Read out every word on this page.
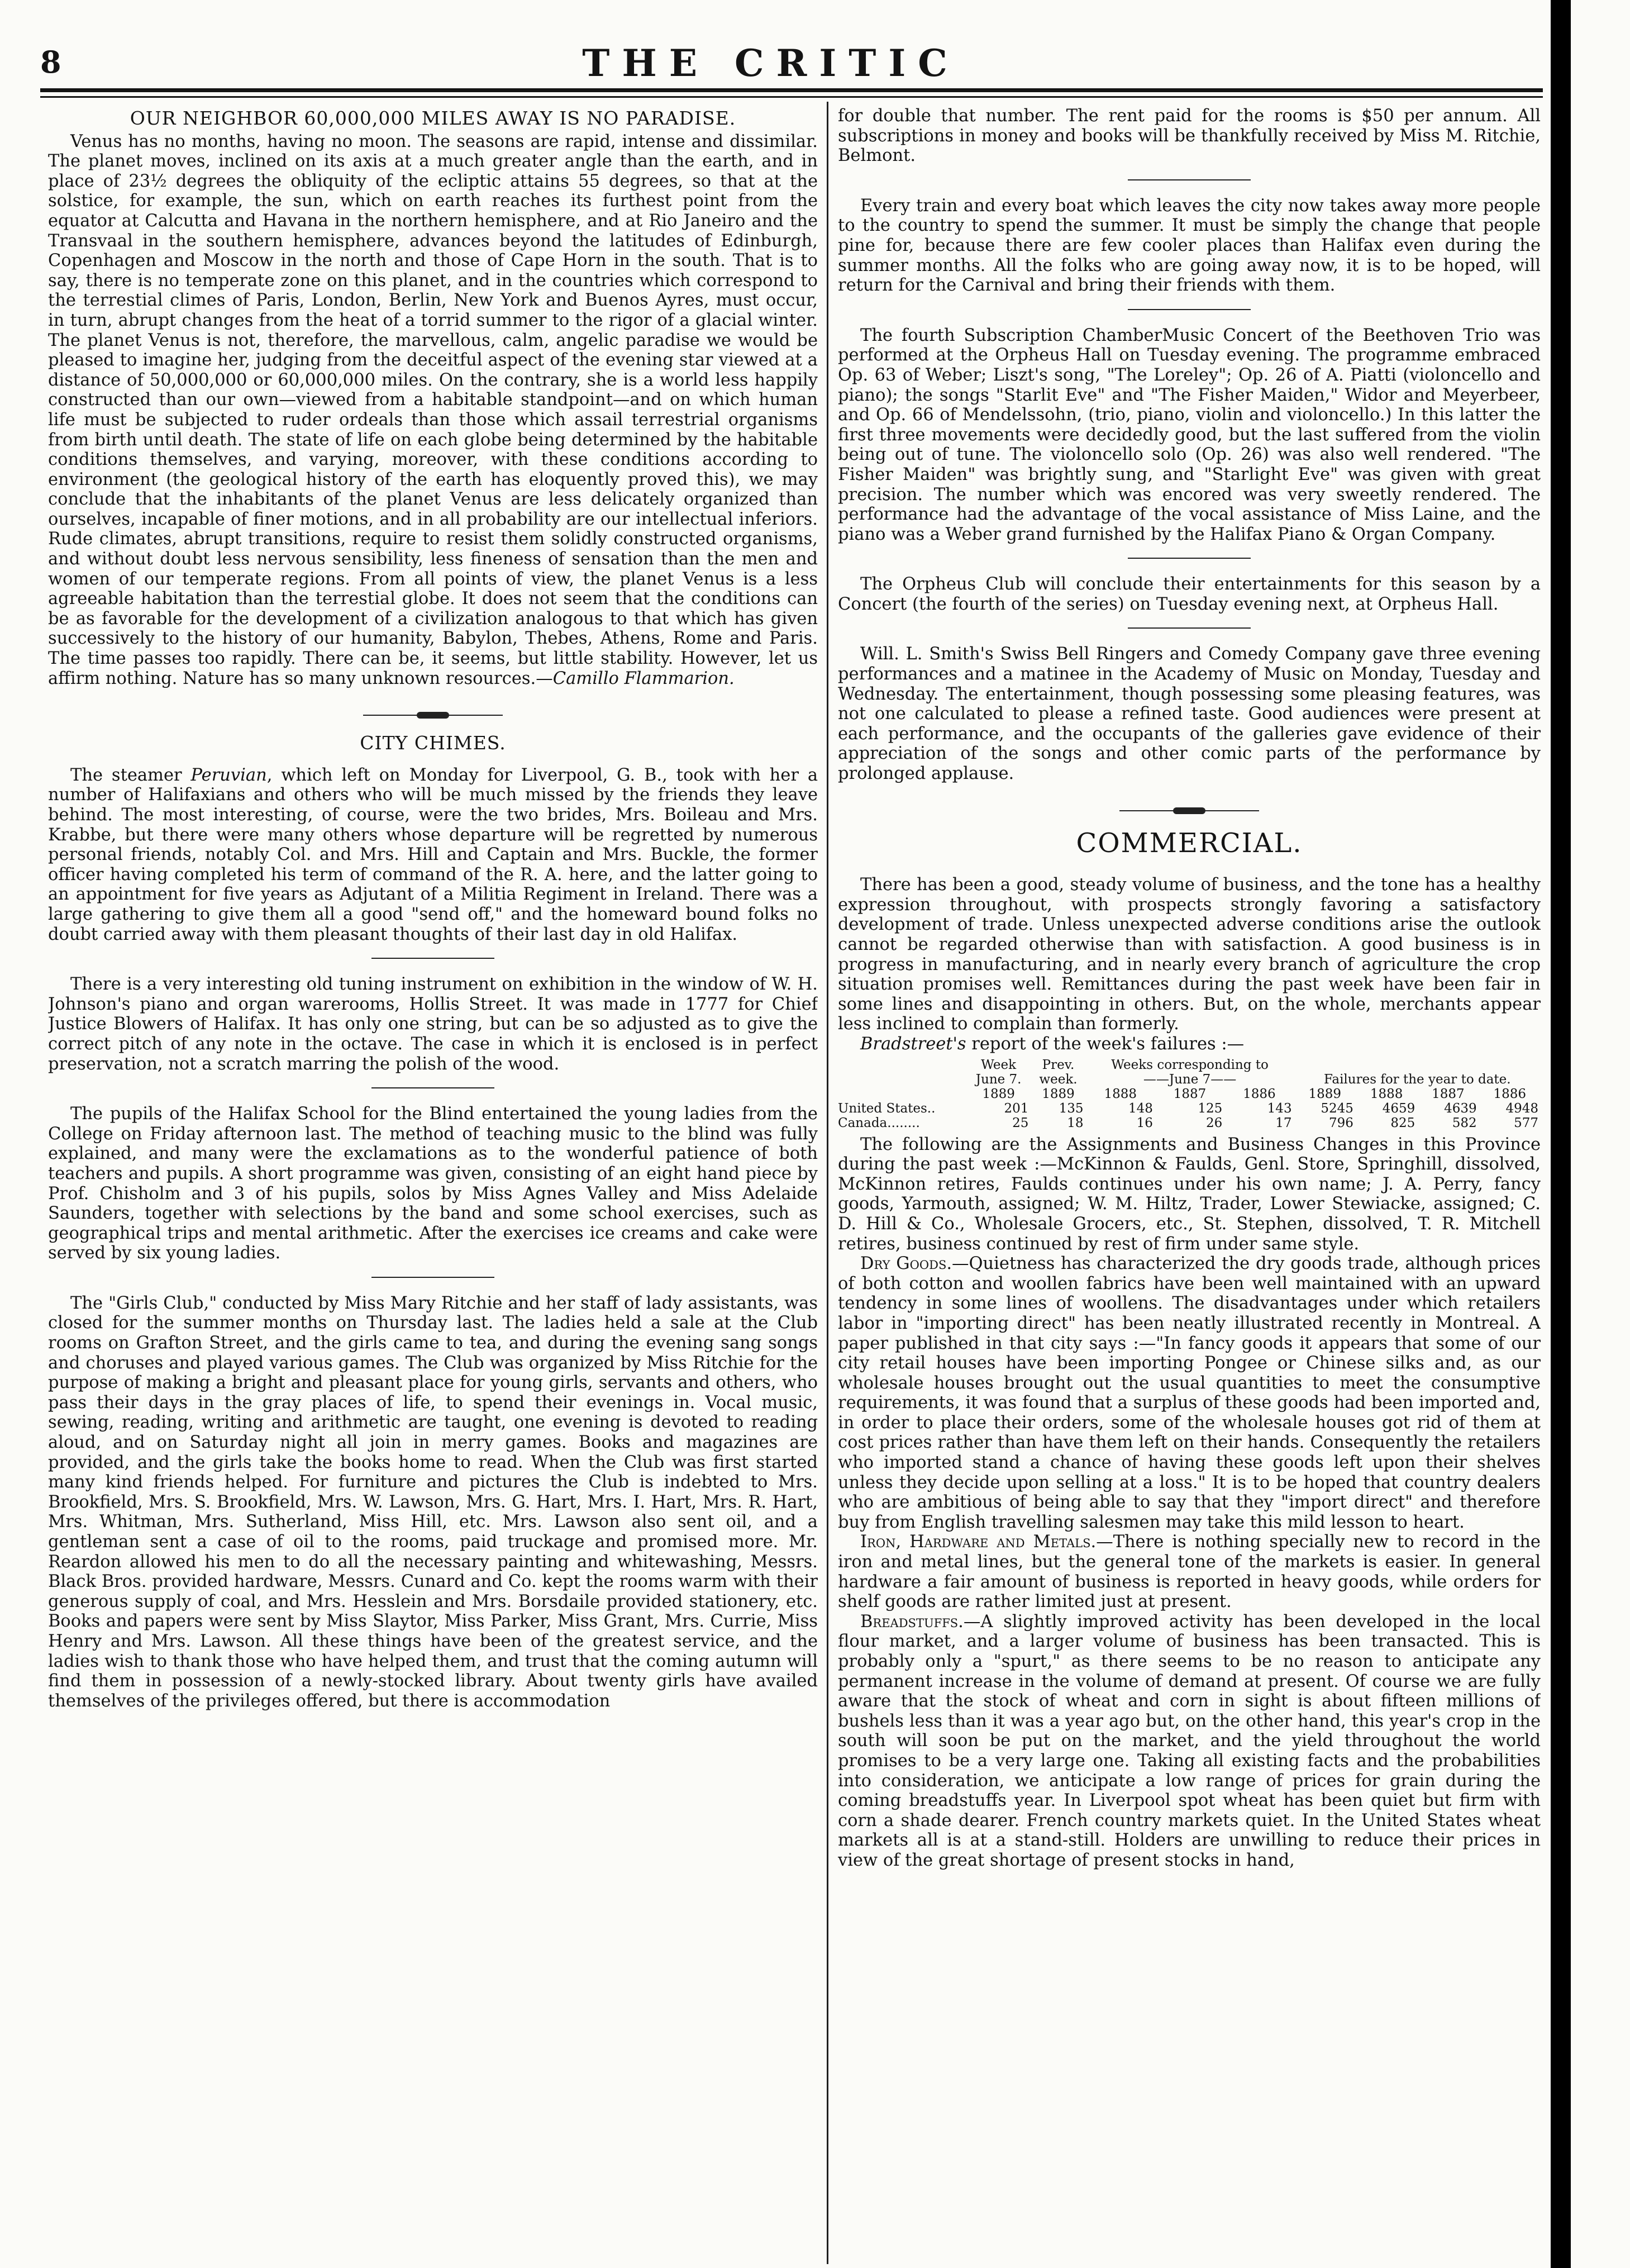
8	THE CRITIC
OUR NEIGHBOR 60,000,000 MILES AWAY IS NO PARADISE.

Venus has no months, having no moon. The seasons are rapid, intense and dissimilar. The planet moves, inclined on its axis at a much greater angle than the earth, and in place of 23½ degrees the obliquity of the ecliptic attains 55 degrees, so that at the solstice, for example, the sun, which on earth reaches its furthest point from the equator at Calcutta and Havana in the northern hemisphere, and at Rio Janeiro and the Transvaal in the southern hemisphere, advances beyond the latitudes of Edinburgh, Copenhagen and Moscow in the north and those of Cape Horn in the south. That is to say, there is no temperate zone on this planet, and in the countries which correspond to the terrestial climes of Paris, London, Berlin, New York and Buenos Ayres, must occur, in turn, abrupt changes from the heat of a torrid summer to the rigor of a glacial winter. The planet Venus is not, therefore, the marvellous, calm, angelic paradise we would be pleased to imagine her, judging from the deceitful aspect of the evening star viewed at a distance of 50,000,000 or 60,000,000 miles. On the contrary, she is a world less happily constructed than our own—viewed from a habitable standpoint—and on which human life must be subjected to ruder ordeals than those which assail terrestrial organisms from birth until death. The state of life on each globe being determined by the habitable conditions themselves, and varying, moreover, with these conditions according to environment (the geological history of the earth has eloquently proved this), we may conclude that the inhabitants of the planet Venus are less delicately organized than ourselves, incapable of finer motions, and in all probability are our intellectual inferiors. Rude climates, abrupt transitions, require to resist them solidly constructed organisms, and without doubt less nervous sensibility, less fineness of sensation than the men and women of our temperate regions. From all points of view, the planet Venus is a less agreeable habitation than the terrestial globe. It does not seem that the conditions can be as favorable for the development of a civilization analogous to that which has given successively to the history of our humanity, Babylon, Thebes, Athens, Rome and Paris. The time passes too rapidly. There can be, it seems, but little stability. However, let us affirm nothing. Nature has so many unknown resources.—Camillo Flammarion.

CITY CHIMES.

The steamer Peruvian, which left on Monday for Liverpool, G. B., took with her a number of Halifaxians and others who will be much missed by the friends they leave behind. The most interesting, of course, were the two brides, Mrs. Boileau and Mrs. Krabbe, but there were many others whose departure will be regretted by numerous personal friends, notably Col. and Mrs. Hill and Captain and Mrs. Buckle, the former officer having completed his term of command of the R. A. here, and the latter going to an appointment for five years as Adjutant of a Militia Regiment in Ireland. There was a large gathering to give them all a good "send off," and the homeward bound folks no doubt carried away with them pleasant thoughts of their last day in old Halifax.

There is a very interesting old tuning instrument on exhibition in the window of W. H. Johnson's piano and organ warerooms, Hollis Street. It was made in 1777 for Chief Justice Blowers of Halifax. It has only one string, but can be so adjusted as to give the correct pitch of any note in the octave. The case in which it is enclosed is in perfect preservation, not a scratch marring the polish of the wood.

The pupils of the Halifax School for the Blind entertained the young ladies from the College on Friday afternoon last. The method of teaching music to the blind was fully explained, and many were the exclamations as to the wonderful patience of both teachers and pupils. A short programme was given, consisting of an eight hand piece by Prof. Chisholm and 3 of his pupils, solos by Miss Agnes Valley and Miss Adelaide Saunders, together with selections by the band and some school exercises, such as geographical trips and mental arithmetic. After the exercises ice creams and cake were served by six young ladies.

The "Girls Club," conducted by Miss Mary Ritchie and her staff of lady assistants, was closed for the summer months on Thursday last. The ladies held a sale at the Club rooms on Grafton Street, and the girls came to tea, and during the evening sang songs and choruses and played various games. The Club was organized by Miss Ritchie for the purpose of making a bright and pleasant place for young girls, servants and others, who pass their days in the gray places of life, to spend their evenings in. Vocal music, sewing, reading, writing and arithmetic are taught, one evening is devoted to reading aloud, and on Saturday night all join in merry games. Books and magazines are provided, and the girls take the books home to read. When the Club was first started many kind friends helped. For furniture and pictures the Club is indebted to Mrs. Brookfield, Mrs. S. Brookfield, Mrs. W. Lawson, Mrs. G. Hart, Mrs. I. Hart, Mrs. R. Hart, Mrs. Whitman, Mrs. Sutherland, Miss Hill, etc. Mrs. Lawson also sent oil, and a gentleman sent a case of oil to the rooms, paid truckage and promised more. Mr. Reardon allowed his men to do all the necessary painting and whitewashing, Messrs. Black Bros. provided hardware, Messrs. Cunard and Co. kept the rooms warm with their generous supply of coal, and Mrs. Hesslein and Mrs. Borsdaile provided stationery, etc. Books and papers were sent by Miss Slaytor, Miss Parker, Miss Grant, Mrs. Currie, Miss Henry and Mrs. Lawson. All these things have been of the greatest service, and the ladies wish to thank those who have helped them, and trust that the coming autumn will find them in possession of a newly-stocked library. About twenty girls have availed themselves of the privileges offered, but there is accommodation

for double that number. The rent paid for the rooms is $50 per annum. All subscriptions in money and books will be thankfully received by Miss M. Ritchie, Belmont.

Every train and every boat which leaves the city now takes away more people to the country to spend the summer. It must be simply the change that people pine for, because there are few cooler places than Halifax even during the summer months. All the folks who are going away now, it is to be hoped, will return for the Carnival and bring their friends with them.

The fourth Subscription ChamberMusic Concert of the Beethoven Trio was performed at the Orpheus Hall on Tuesday evening. The programme embraced Op. 63 of Weber; Liszt's song, "The Loreley"; Op. 26 of A. Piatti (violoncello and piano); the songs "Starlit Eve" and "The Fisher Maiden," Widor and Meyerbeer, and Op. 66 of Mendelssohn, (trio, piano, violin and violoncello.) In this latter the first three movements were decidedly good, but the last suffered from the violin being out of tune. The violoncello solo (Op. 26) was also well rendered. "The Fisher Maiden" was brightly sung, and "Starlight Eve" was given with great precision. The number which was encored was very sweetly rendered. The performance had the advantage of the vocal assistance of Miss Laine, and the piano was a Weber grand furnished by the Halifax Piano & Organ Company.

The Orpheus Club will conclude their entertainments for this season by a Concert (the fourth of the series) on Tuesday evening next, at Orpheus Hall.

Will. L. Smith's Swiss Bell Ringers and Comedy Company gave three evening performances and a matinee in the Academy of Music on Monday, Tuesday and Wednesday. The entertainment, though possessing some pleasing features, was not one calculated to please a refined taste. Good audiences were present at each performance, and the occupants of the galleries gave evidence of their appreciation of the songs and other comic parts of the performance by prolonged applause.

COMMERCIAL.

There has been a good, steady volume of business, and the tone has a healthy expression throughout, with prospects strongly favoring a satisfactory development of trade. Unless unexpected adverse conditions arise the outlook cannot be regarded otherwise than with satisfaction. A good business is in progress in manufacturing, and in nearly every branch of agriculture the crop situation promises well. Remittances during the past week have been fair in some lines and disappointing in others. But, on the whole, merchants appear less inclined to complain than formerly.

Bradstreet's report of the week's failures :—

	Week	Prev.	Weeks corresponding to						
	June 7.	week.	——June 7——			Failures for the year to date.			
	1889	1889	1888	1887	1886	1889	1888	1887	1886
United States..	201	135	148	125	143	5245	4659	4639	4948
Canada........	25	18	16	26	17	796	825	582	577

The following are the Assignments and Business Changes in this Province during the past week :—McKinnon & Faulds, Genl. Store, Springhill, dissolved, McKinnon retires, Faulds continues under his own name; J. A. Perry, fancy goods, Yarmouth, assigned; W. M. Hiltz, Trader, Lower Stewiacke, assigned; C. D. Hill & Co., Wholesale Grocers, etc., St. Stephen, dissolved, T. R. Mitchell retires, business continued by rest of firm under same style.

Dry Goods.—Quietness has characterized the dry goods trade, although prices of both cotton and woollen fabrics have been well maintained with an upward tendency in some lines of woollens. The disadvantages under which retailers labor in "importing direct" has been neatly illustrated recently in Montreal. A paper published in that city says :—"In fancy goods it appears that some of our city retail houses have been importing Pongee or Chinese silks and, as our wholesale houses brought out the usual quantities to meet the consumptive requirements, it was found that a surplus of these goods had been imported and, in order to place their orders, some of the wholesale houses got rid of them at cost prices rather than have them left on their hands. Consequently the retailers who imported stand a chance of having these goods left upon their shelves unless they decide upon selling at a loss." It is to be hoped that country dealers who are ambitious of being able to say that they "import direct" and therefore buy from English travelling salesmen may take this mild lesson to heart.

Iron, Hardware and Metals.—There is nothing specially new to record in the iron and metal lines, but the general tone of the markets is easier. In general hardware a fair amount of business is reported in heavy goods, while orders for shelf goods are rather limited just at present.

Breadstuffs.—A slightly improved activity has been developed in the local flour market, and a larger volume of business has been transacted. This is probably only a "spurt," as there seems to be no reason to anticipate any permanent increase in the volume of demand at present. Of course we are fully aware that the stock of wheat and corn in sight is about fifteen millions of bushels less than it was a year ago but, on the other hand, this year's crop in the south will soon be put on the market, and the yield throughout the world promises to be a very large one. Taking all existing facts and the probabilities into consideration, we anticipate a low range of prices for grain during the coming breadstuffs year. In Liverpool spot wheat has been quiet but firm with corn a shade dearer. French country markets quiet. In the United States wheat markets all is at a stand-still. Holders are unwilling to reduce their prices in view of the great shortage of present stocks in hand,
